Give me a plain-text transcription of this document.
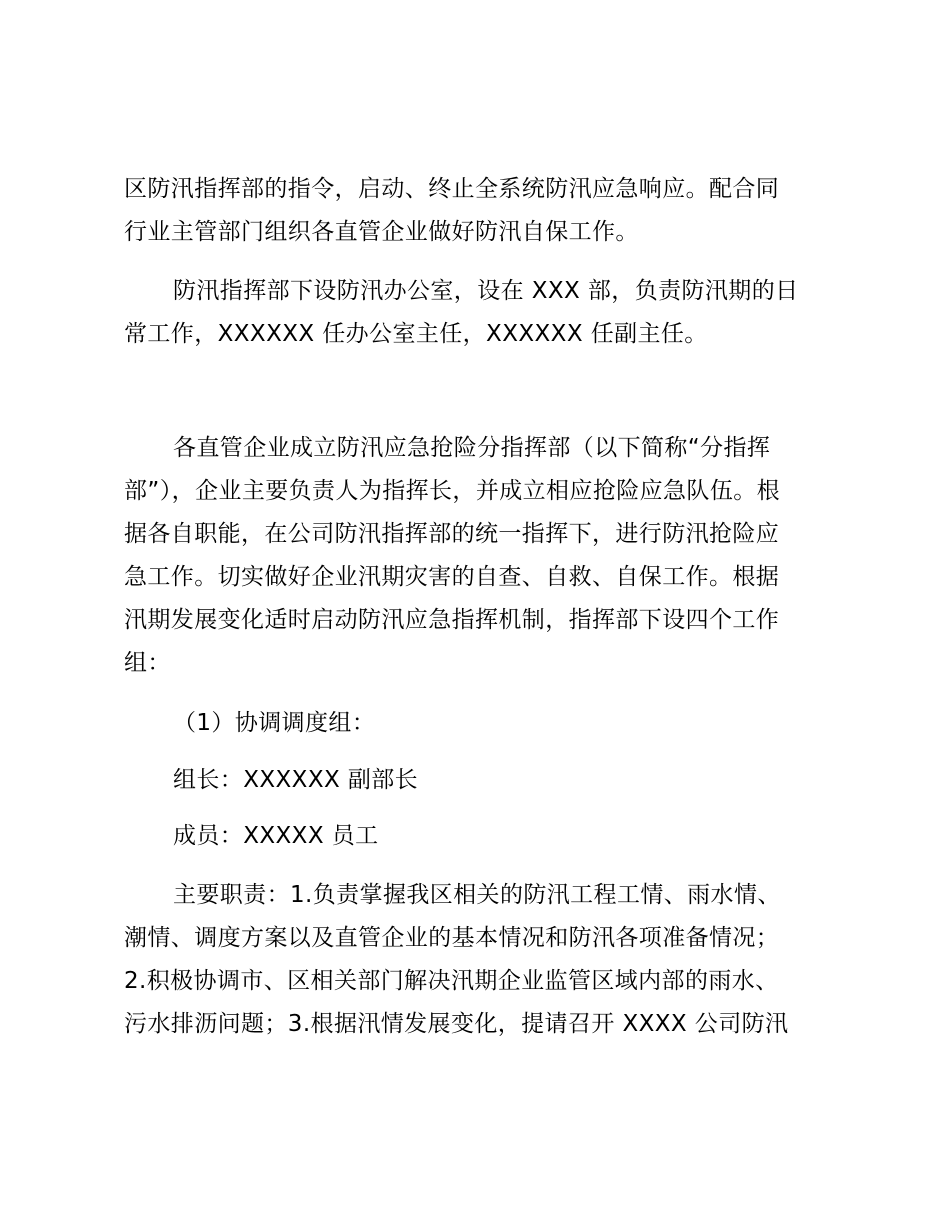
区防汛指挥部的指令，启动、终止全系统防汛应急响应。配合同
行业主管部门组织各直管企业做好防汛自保工作。
防汛指挥部下设防汛办公室，设在 XXX 部，负责防汛期的日
常工作，XXXXXX 任办公室主任，XXXXXX 任副主任。
各直管企业成立防汛应急抢险分指挥部（以下简称“分指挥
部”），企业主要负责人为指挥长，并成立相应抢险应急队伍。根
据各自职能，在公司防汛指挥部的统一指挥下，进行防汛抢险应
急工作。切实做好企业汛期灾害的自查、自救、自保工作。根据
汛期发展变化适时启动防汛应急指挥机制，指挥部下设四个工作
组：
（1）协调调度组：
组长：XXXXXX 副部长
成员：XXXXX 员工
主要职责：1.负责掌握我区相关的防汛工程工情、雨水情、
潮情、调度方案以及直管企业的基本情况和防汛各项准备情况；
2.积极协调市、区相关部门解决汛期企业监管区域内部的雨水、
污水排沥问题；3.根据汛情发展变化，提请召开 XXXX 公司防汛
